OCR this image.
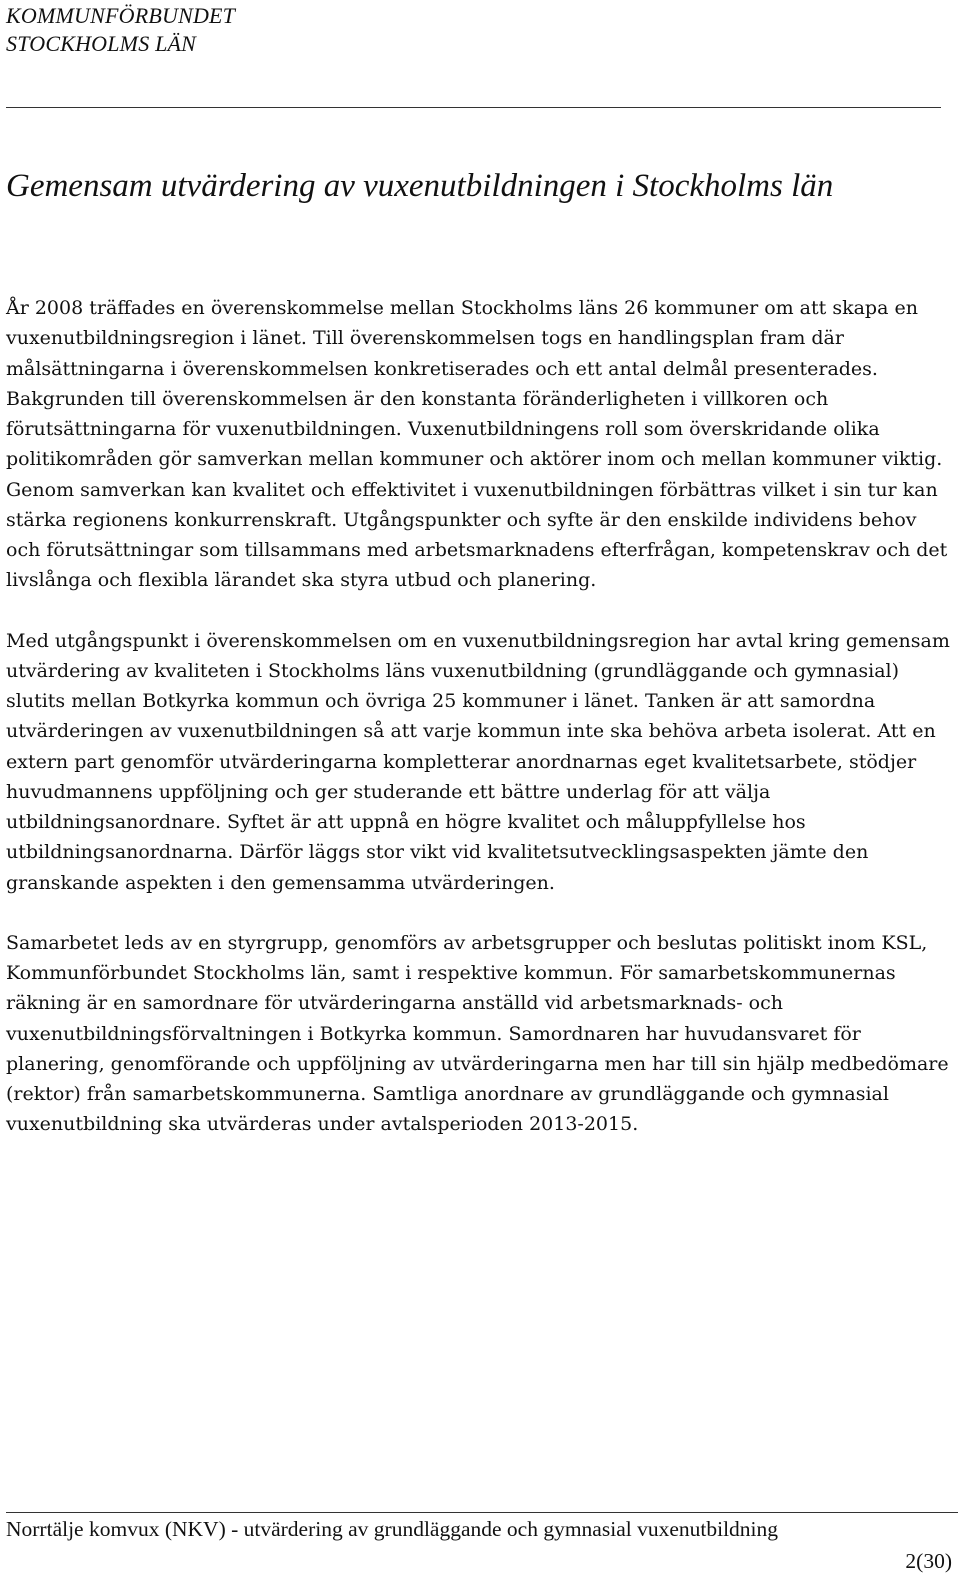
KOMMUNFÖRBUNDET
STOCKHOLMS LÄN
Gemensam utvärdering av vuxenutbildningen i Stockholms län

År 2008 träffades en överenskommelse mellan Stockholms läns 26 kommuner om att skapa en vuxenutbildningsregion i länet. Till överenskommelsen togs en handlingsplan fram där målsättningarna i överenskommelsen konkretiserades och ett antal delmål presenterades. Bakgrunden till överenskommelsen är den konstanta föränderligheten i villkoren och förutsättningarna för vuxenutbildningen. Vuxenutbildningens roll som överskridande olika politikområden gör samverkan mellan kommuner och aktörer inom och mellan kommuner viktig. Genom samverkan kan kvalitet och effektivitet i vuxenutbildningen förbättras vilket i sin tur kan stärka regionens konkurrenskraft. Utgångspunkter och syfte är den enskilde individens behov och förutsättningar som tillsammans med arbetsmarknadens efterfrågan, kompetenskrav och det livslånga och flexibla lärandet ska styra utbud och planering.

Med utgångspunkt i överenskommelsen om en vuxenutbildningsregion har avtal kring gemensam utvärdering av kvaliteten i Stockholms läns vuxenutbildning (grundläggande och gymnasial) slutits mellan Botkyrka kommun och övriga 25 kommuner i länet. Tanken är att samordna utvärderingen av vuxenutbildningen så att varje kommun inte ska behöva arbeta isolerat. Att en extern part genomför utvärderingarna kompletterar anordnarnas eget kvalitetsarbete, stödjer huvudmannens uppföljning och ger studerande ett bättre underlag för att välja utbildningsanordnare. Syftet är att uppnå en högre kvalitet och måluppfyllelse hos utbildningsanordnarna. Därför läggs stor vikt vid kvalitetsutvecklingsaspekten jämte den granskande aspekten i den gemensamma utvärderingen.

Samarbetet leds av en styrgrupp, genomförs av arbetsgrupper och beslutas politiskt inom KSL, Kommunförbundet Stockholms län, samt i respektive kommun. För samarbetskommunernas räkning är en samordnare för utvärderingarna anställd vid arbetsmarknads- och vuxenutbildningsförvaltningen i Botkyrka kommun. Samordnaren har huvudansvaret för planering, genomförande och uppföljning av utvärderingarna men har till sin hjälp medbedömare (rektor) från samarbetskommunerna. Samtliga anordnare av grundläggande och gymnasial vuxenutbildning ska utvärderas under avtalsperioden 2013-2015.

Norrtälje komvux (NKV) - utvärdering av grundläggande och gymnasial vuxenutbildning
2(30)
